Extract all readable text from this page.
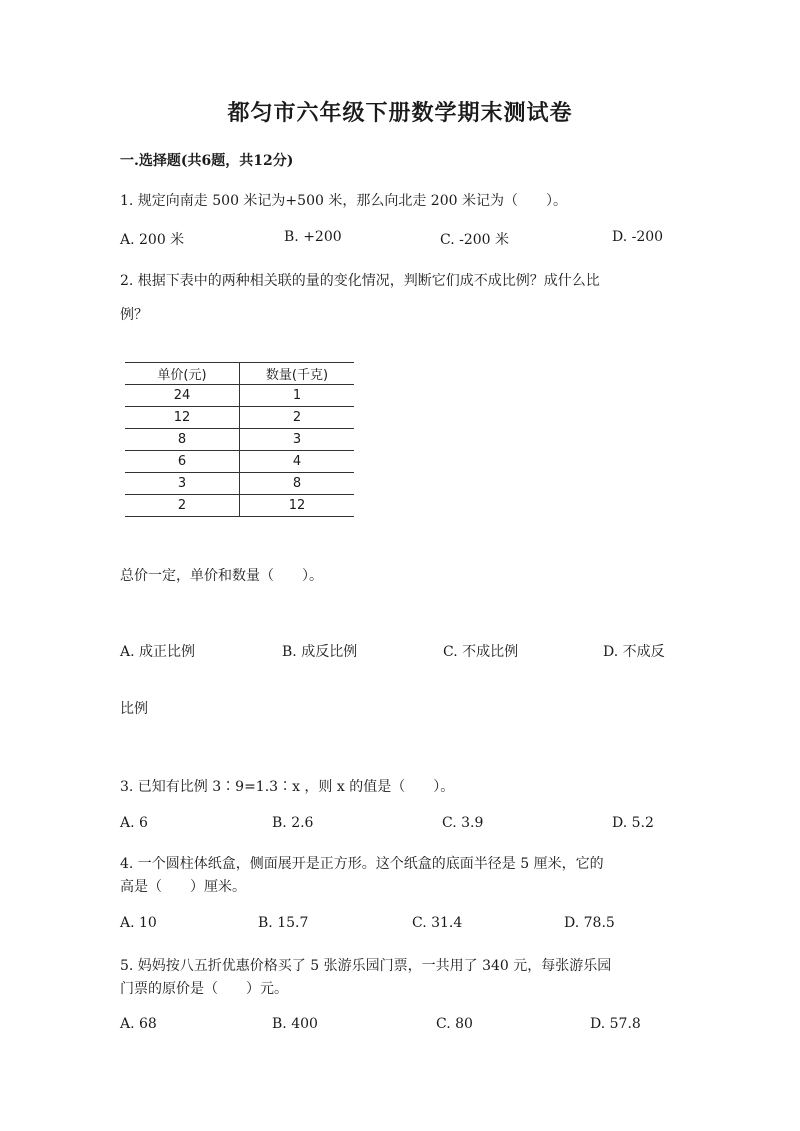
都匀市六年级下册数学期末测试卷
一.选择题(共6题，共12分)
1. 规定向南走 500 米记为+500 米，那么向北走 200 米记为（　　）。
A. 200 米	B. +200	C. -200 米	D. -200
2. 根据下表中的两种相关联的量的变化情况，判断它们成不成比例？成什么比
例？
单价(元)	数量(千克)
24	1
12	2
8	3
6	4
3	8
2	12
总价一定，单价和数量（　　）。
A. 成正比例	B. 成反比例	C. 不成比例	D. 不成反
比例
3. 已知有比例 3∶9=1.3∶x ，则 x 的值是（　　）。
A. 6	B. 2.6	C. 3.9	D. 5.2
4. 一个圆柱体纸盒，侧面展开是正方形。这个纸盒的底面半径是 5 厘米，它的
高是（　　）厘米。
A. 10	B. 15.7	C. 31.4	D. 78.5
5. 妈妈按八五折优惠价格买了 5 张游乐园门票，一共用了 340 元，每张游乐园
门票的原价是（　　）元。
A. 68	B. 400	C. 80	D. 57.8
